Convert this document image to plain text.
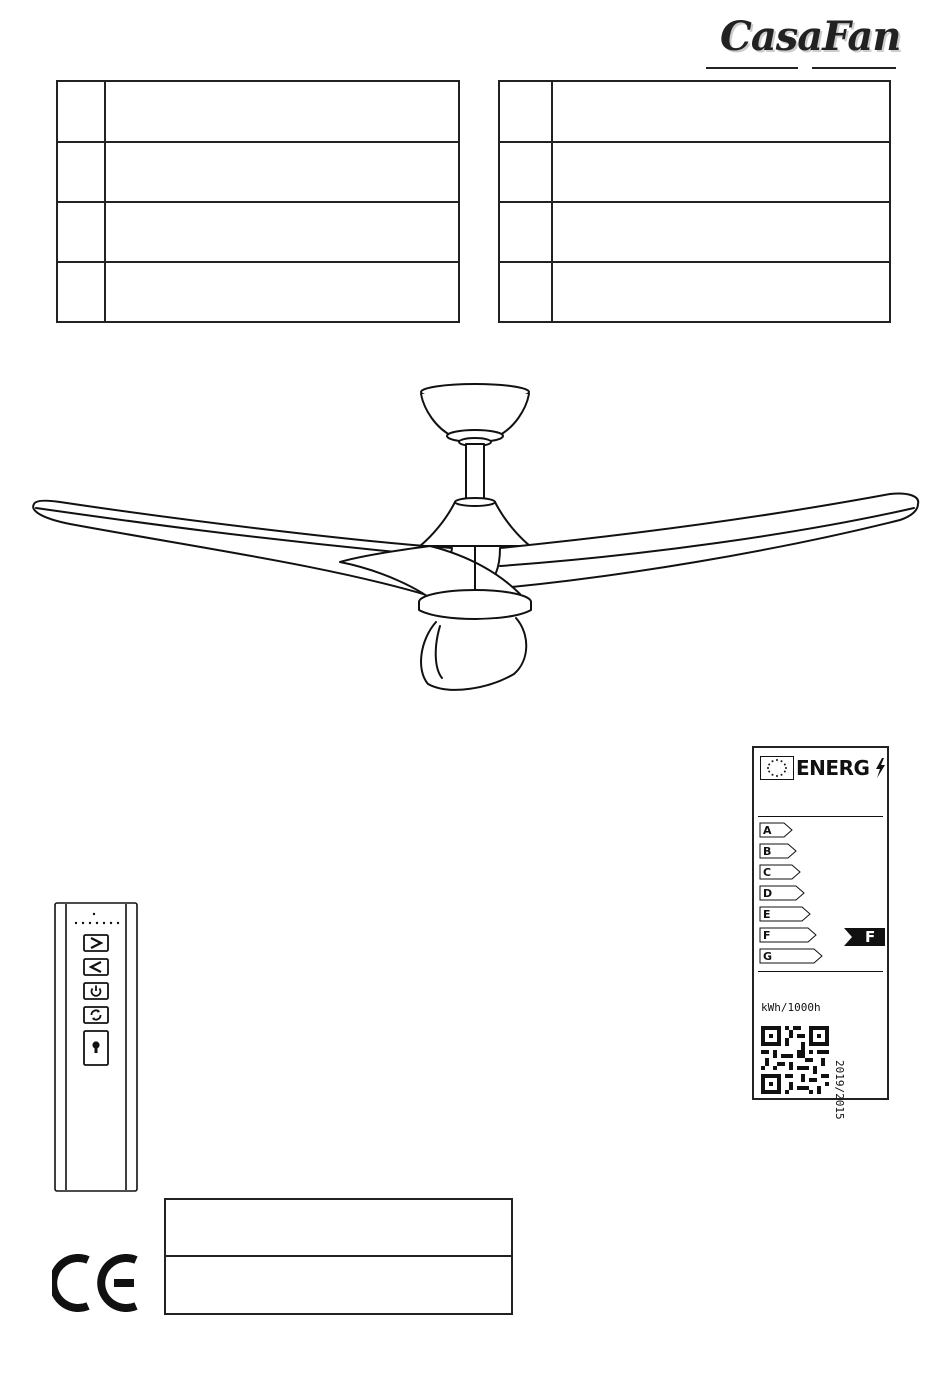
CasaFan
ENERG
A
B
C
D
E
F
G
F
kWh/1000h
2019/2015
